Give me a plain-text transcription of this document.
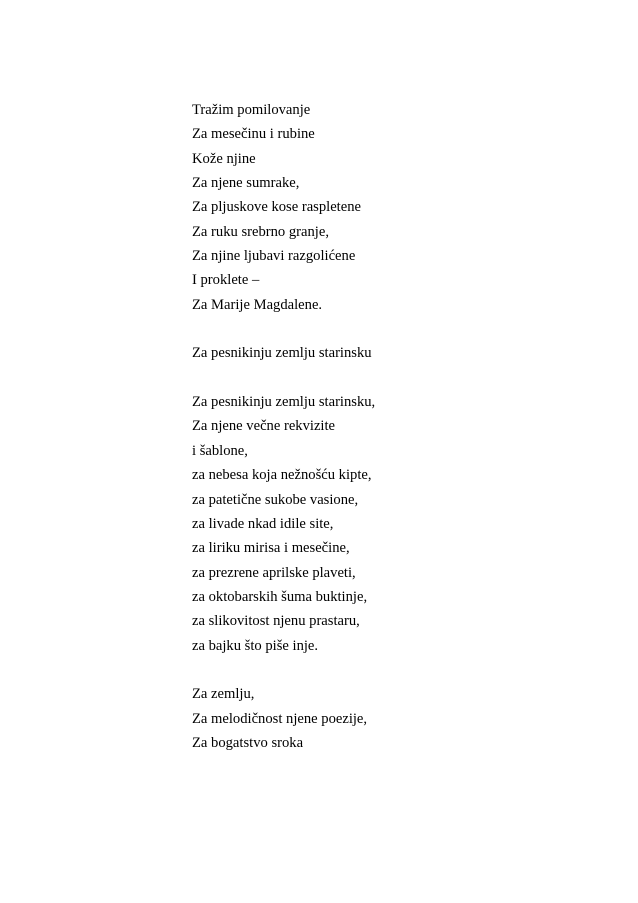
Tražim pomilovanje
Za mesečinu i rubine
Kože njine
Za njene sumrake,
Za pljuskove kose raspletene
Za ruku srebrno granje,
Za njine ljubavi razgolićene
I proklete –
Za Marije Magdalene.
Za pesnikinju zemlju starinsku
Za pesnikinju zemlju starinsku,
Za njene večne rekvizite
i šablone,
za nebesa koja nežnošću kipte,
za patetične sukobe vasione,
za livade nkad idile site,
za liriku mirisa i mesečine,
za prezrene aprilske plaveti,
za oktobarskih šuma buktinje,
za slikovitost njenu prastaru,
za bajku što piše inje.
Za zemlju,
Za melodičnost njene poezije,
Za bogatstvo sroka
